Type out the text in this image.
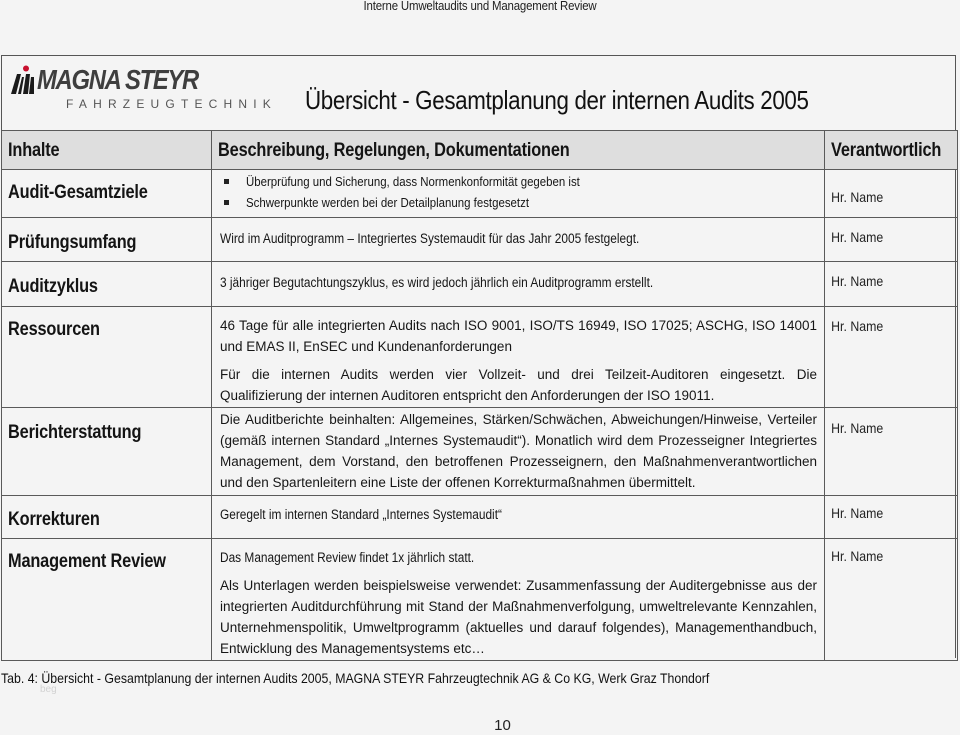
Interne Umweltaudits und Management Review
MAGNA STEYR
FAHRZEUGTECHNIK Übersicht - Gesamtplanung der internen Audits 2005
Inhalte	Beschreibung, Regelungen, Dokumentationen	Verantwortlich

Audit-Gesamtziele	Überprüfung und Sicherung, dass Normenkonformität gegeben ist
Schwerpunkte werden bei der Detailplanung festgesetzt	Hr. Name

Prüfungsumfang	Wird im Auditprogramm – Integriertes Systemaudit für das Jahr 2005 festgelegt.	Hr. Name

Auditzyklus	3 jähriger Begutachtungszyklus, es wird jedoch jährlich ein Auditprogramm erstellt.	Hr. Name

Ressourcen	46 Tage für alle integrierten Audits nach ISO 9001, ISO/TS 16949, ISO 17025; ASCHG, ISO 14001 und EMAS II, EnSEC und Kundenanforderungen

Für die internen Audits werden vier Vollzeit- und drei Teilzeit-Auditoren eingesetzt. Die Qualifizierung der internen Auditoren entspricht den Anforderungen der ISO 19011.	Hr. Name

Berichterstattung	Die Auditberichte beinhalten: Allgemeines, Stärken/Schwächen, Abweichungen/Hinweise, Verteiler (gemäß internen Standard „Internes Systemaudit“). Monatlich wird dem Prozesseigner Integriertes Management, dem Vorstand, den betroffenen Prozesseignern, den Maßnahmenverantwortlichen und den Spartenleitern eine Liste der offenen Korrekturmaßnahmen übermittelt.	Hr. Name

Korrekturen	Geregelt im internen Standard „Internes Systemaudit“	Hr. Name

Management Review	Das Management Review findet 1x jährlich statt.

Als Unterlagen werden beispielsweise verwendet: Zusammenfassung der Auditergebnisse aus der integrierten Auditdurchführung mit Stand der Maßnahmenverfolgung, umweltrelevante Kennzahlen, Unternehmenspolitik, Umweltprogramm (aktuelles und darauf folgendes), Managementhandbuch, Entwicklung des Managementsystems etc…	Hr. Name
Tab. 4: Übersicht - Gesamtplanung der internen Audits 2005, MAGNA STEYR Fahrzeugtechnik AG & Co KG, Werk Graz Thondorf
beg
10
